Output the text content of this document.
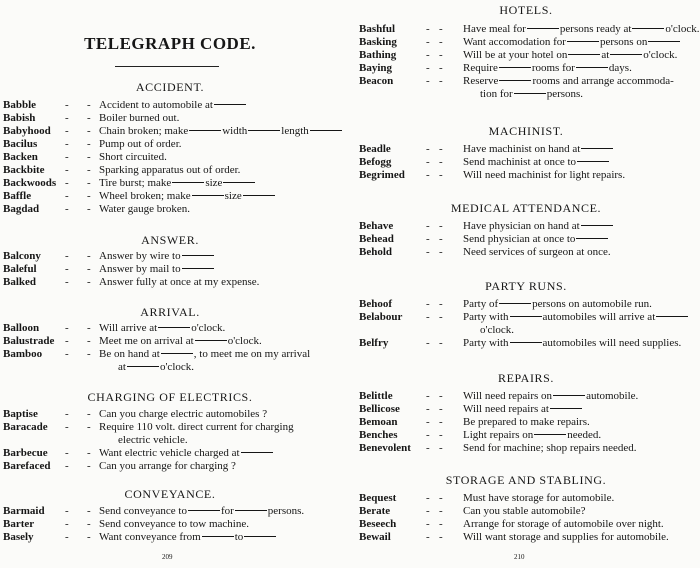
TELEGRAPH CODE.
209
ACCIDENT.
Babble	- - Accident to automobile at
Babish	- - Boiler burned out.
Babyhood - - Chain broken; make	width	length
Bacilus	- - Pump out of order.
Backen - - Short circuited.
Backbite - - Sparking apparatus out of order.
Backwoods - - Tire burst; make	size
Baffle	- - Wheel broken; make	size
Bagdad - - Water gauge broken.
ANSWER.
Balcony - - Answer by wire to
Baleful	- - Answer by mail to
Balked	- - Answer fully at once at my expense.
ARRIVAL.
Balloon - - Will arrive at	o'clock.
Balustrade - - Meet me on arrival at	o'clock.
Bamboo - - Be on hand at	, to meet me on my arrival
at	o'clock.
CHARGING OF ELECTRICS.
Baptise - - Can you charge electric automobiles ?
Baracade - - Require 110 volt. direct current for charging
electric vehicle.
Barbecue - - Want electric vehicle charged at
Barefaced - - Can you arrange for charging ?
CONVEYANCE.
Barmaid - - Send conveyance to	for	persons.
Barter	- - Send conveyance to tow machine.
Basely	- - Want conveyance from	to
210
HOTELS.
Bashful	- - Have meal for	persons ready at	o'clock.
Basking	- - Want accomodation for	persons on
Bathing	- - Will be at your hotel on	at	o'clock.
Baying	- - Require	rooms for	days.
Beacon	- - Reserve	rooms and arrange accommoda-
tion for	persons.
MACHINIST.
Beadle	- - Have machinist on hand at
Befogg	- - Send machinist at once to
Begrimed - - Will need machinist for light repairs.
MEDICAL ATTENDANCE.
Behave	- - Have physician on hand at
Behead	- - Send physician at once to
Behold	- - Need services of surgeon at once.
PARTY RUNS.
Behoof	- - Party of	persons on automobile run.
Belabour - - Party with	automobiles will arrive at
o'clock.
Belfry	- - Party with	automobiles will need supplies.
REPAIRS.
Belittle	- - Will need repairs on	automobile.
Bellicose - - Will need repairs at
Bemoan	- - Be prepared to make repairs.
Benches	- - Light repairs on	needed.
Benevolent - - Send for machine; shop repairs needed.
STORAGE AND STABLING.
Bequest	- - Must have storage for automobile.
Berate	- - Can you stable automobile?
Beseech	- - Arrange for storage of automobile over night.
Bewail	- - Will want storage and supplies for automobile.
